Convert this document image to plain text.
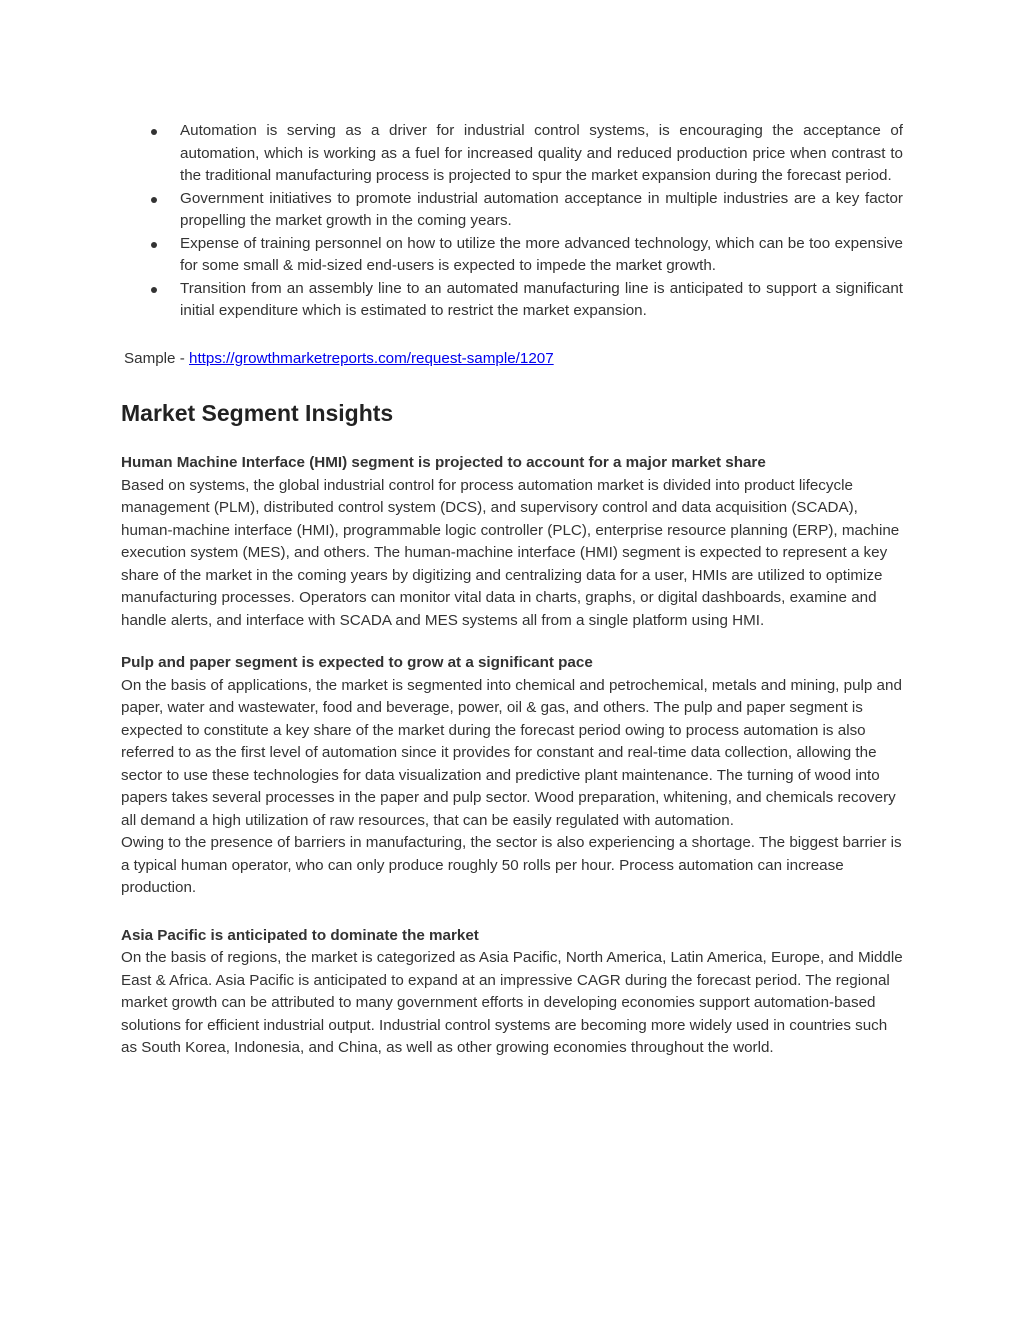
Automation is serving as a driver for industrial control systems, is encouraging the acceptance of automation, which is working as a fuel for increased quality and reduced production price when contrast to the traditional manufacturing process is projected to spur the market expansion during the forecast period.
Government initiatives to promote industrial automation acceptance in multiple industries are a key factor propelling the market growth in the coming years.
Expense of training personnel on how to utilize the more advanced technology, which can be too expensive for some small & mid-sized end-users is expected to impede the market growth.
Transition from an assembly line to an automated manufacturing line is anticipated to support a significant initial expenditure which is estimated to restrict the market expansion.
Sample - https://growthmarketreports.com/request-sample/1207
Market Segment Insights
Human Machine Interface (HMI) segment is projected to account for a major market share

Based on systems, the global industrial control for process automation market is divided into product lifecycle management (PLM), distributed control system (DCS), and supervisory control and data acquisition (SCADA), human-machine interface (HMI), programmable logic controller (PLC), enterprise resource planning (ERP), machine execution system (MES), and others. The human-machine interface (HMI) segment is expected to represent a key share of the market in the coming years by digitizing and centralizing data for a user, HMIs are utilized to optimize manufacturing processes. Operators can monitor vital data in charts, graphs, or digital dashboards, examine and handle alerts, and interface with SCADA and MES systems all from a single platform using HMI.

Pulp and paper segment is expected to grow at a significant pace

On the basis of applications, the market is segmented into chemical and petrochemical, metals and mining, pulp and paper, water and wastewater, food and beverage, power, oil & gas, and others. The pulp and paper segment is expected to constitute a key share of the market during the forecast period owing to process automation is also referred to as the first level of automation since it provides for constant and real-time data collection, allowing the sector to use these technologies for data visualization and predictive plant maintenance. The turning of wood into papers takes several processes in the paper and pulp sector. Wood preparation, whitening, and chemicals recovery all demand a high utilization of raw resources, that can be easily regulated with automation.

Owing to the presence of barriers in manufacturing, the sector is also experiencing a shortage. The biggest barrier is a typical human operator, who can only produce roughly 50 rolls per hour. Process automation can increase production.

Asia Pacific is anticipated to dominate the market

On the basis of regions, the market is categorized as Asia Pacific, North America, Latin America, Europe, and Middle East & Africa. Asia Pacific is anticipated to expand at an impressive CAGR during the forecast period. The regional market growth can be attributed to many government efforts in developing economies support automation-based solutions for efficient industrial output. Industrial control systems are becoming more widely used in countries such as South Korea, Indonesia, and China, as well as other growing economies throughout the world.
